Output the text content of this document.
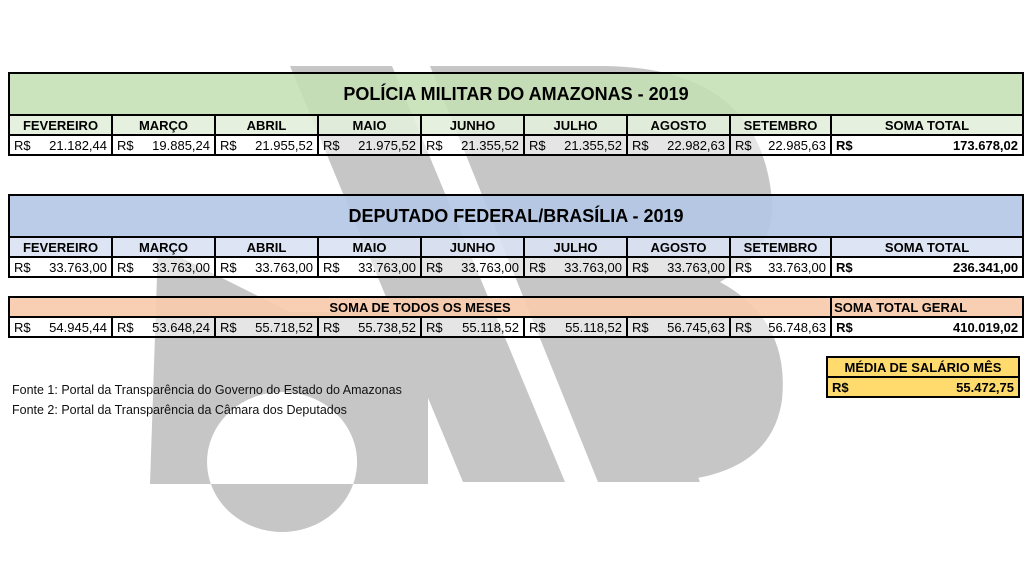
POLÍCIA MILITAR DO AMAZONAS - 2019								
FEVEREIRO	MARÇO	ABRIL	MAIO	JUNHO	JULHO	AGOSTO	SETEMBRO	SOMA TOTAL

R$ 21.182,44	R$ 19.885,24	R$ 21.955,52	R$ 21.975,52	R$ 21.355,52	R$ 21.355,52	R$ 22.982,63	R$ 22.985,63	R$ 173.678,02
DEPUTADO FEDERAL/BRASÍLIA - 2019								
FEVEREIRO	MARÇO	ABRIL	MAIO	JUNHO	JULHO	AGOSTO	SETEMBRO	SOMA TOTAL

R$ 33.763,00	R$ 33.763,00	R$ 33.763,00	R$ 33.763,00	R$ 33.763,00	R$ 33.763,00	R$ 33.763,00	R$ 33.763,00	R$ 236.341,00
SOMA DE TODOS OS MESES								SOMA TOTAL GERAL

R$ 54.945,44	R$ 53.648,24	R$ 55.718,52	R$ 55.738,52	R$ 55.118,52	R$ 55.118,52	R$ 56.745,63	R$ 56.748,63	R$ 410.019,02
MÉDIA DE SALÁRIO MÊS

R$	55.472,75
Fonte 1: Portal da Transparência do Governo do Estado do Amazonas
Fonte 2: Portal da Transparência da Câmara dos Deputados
